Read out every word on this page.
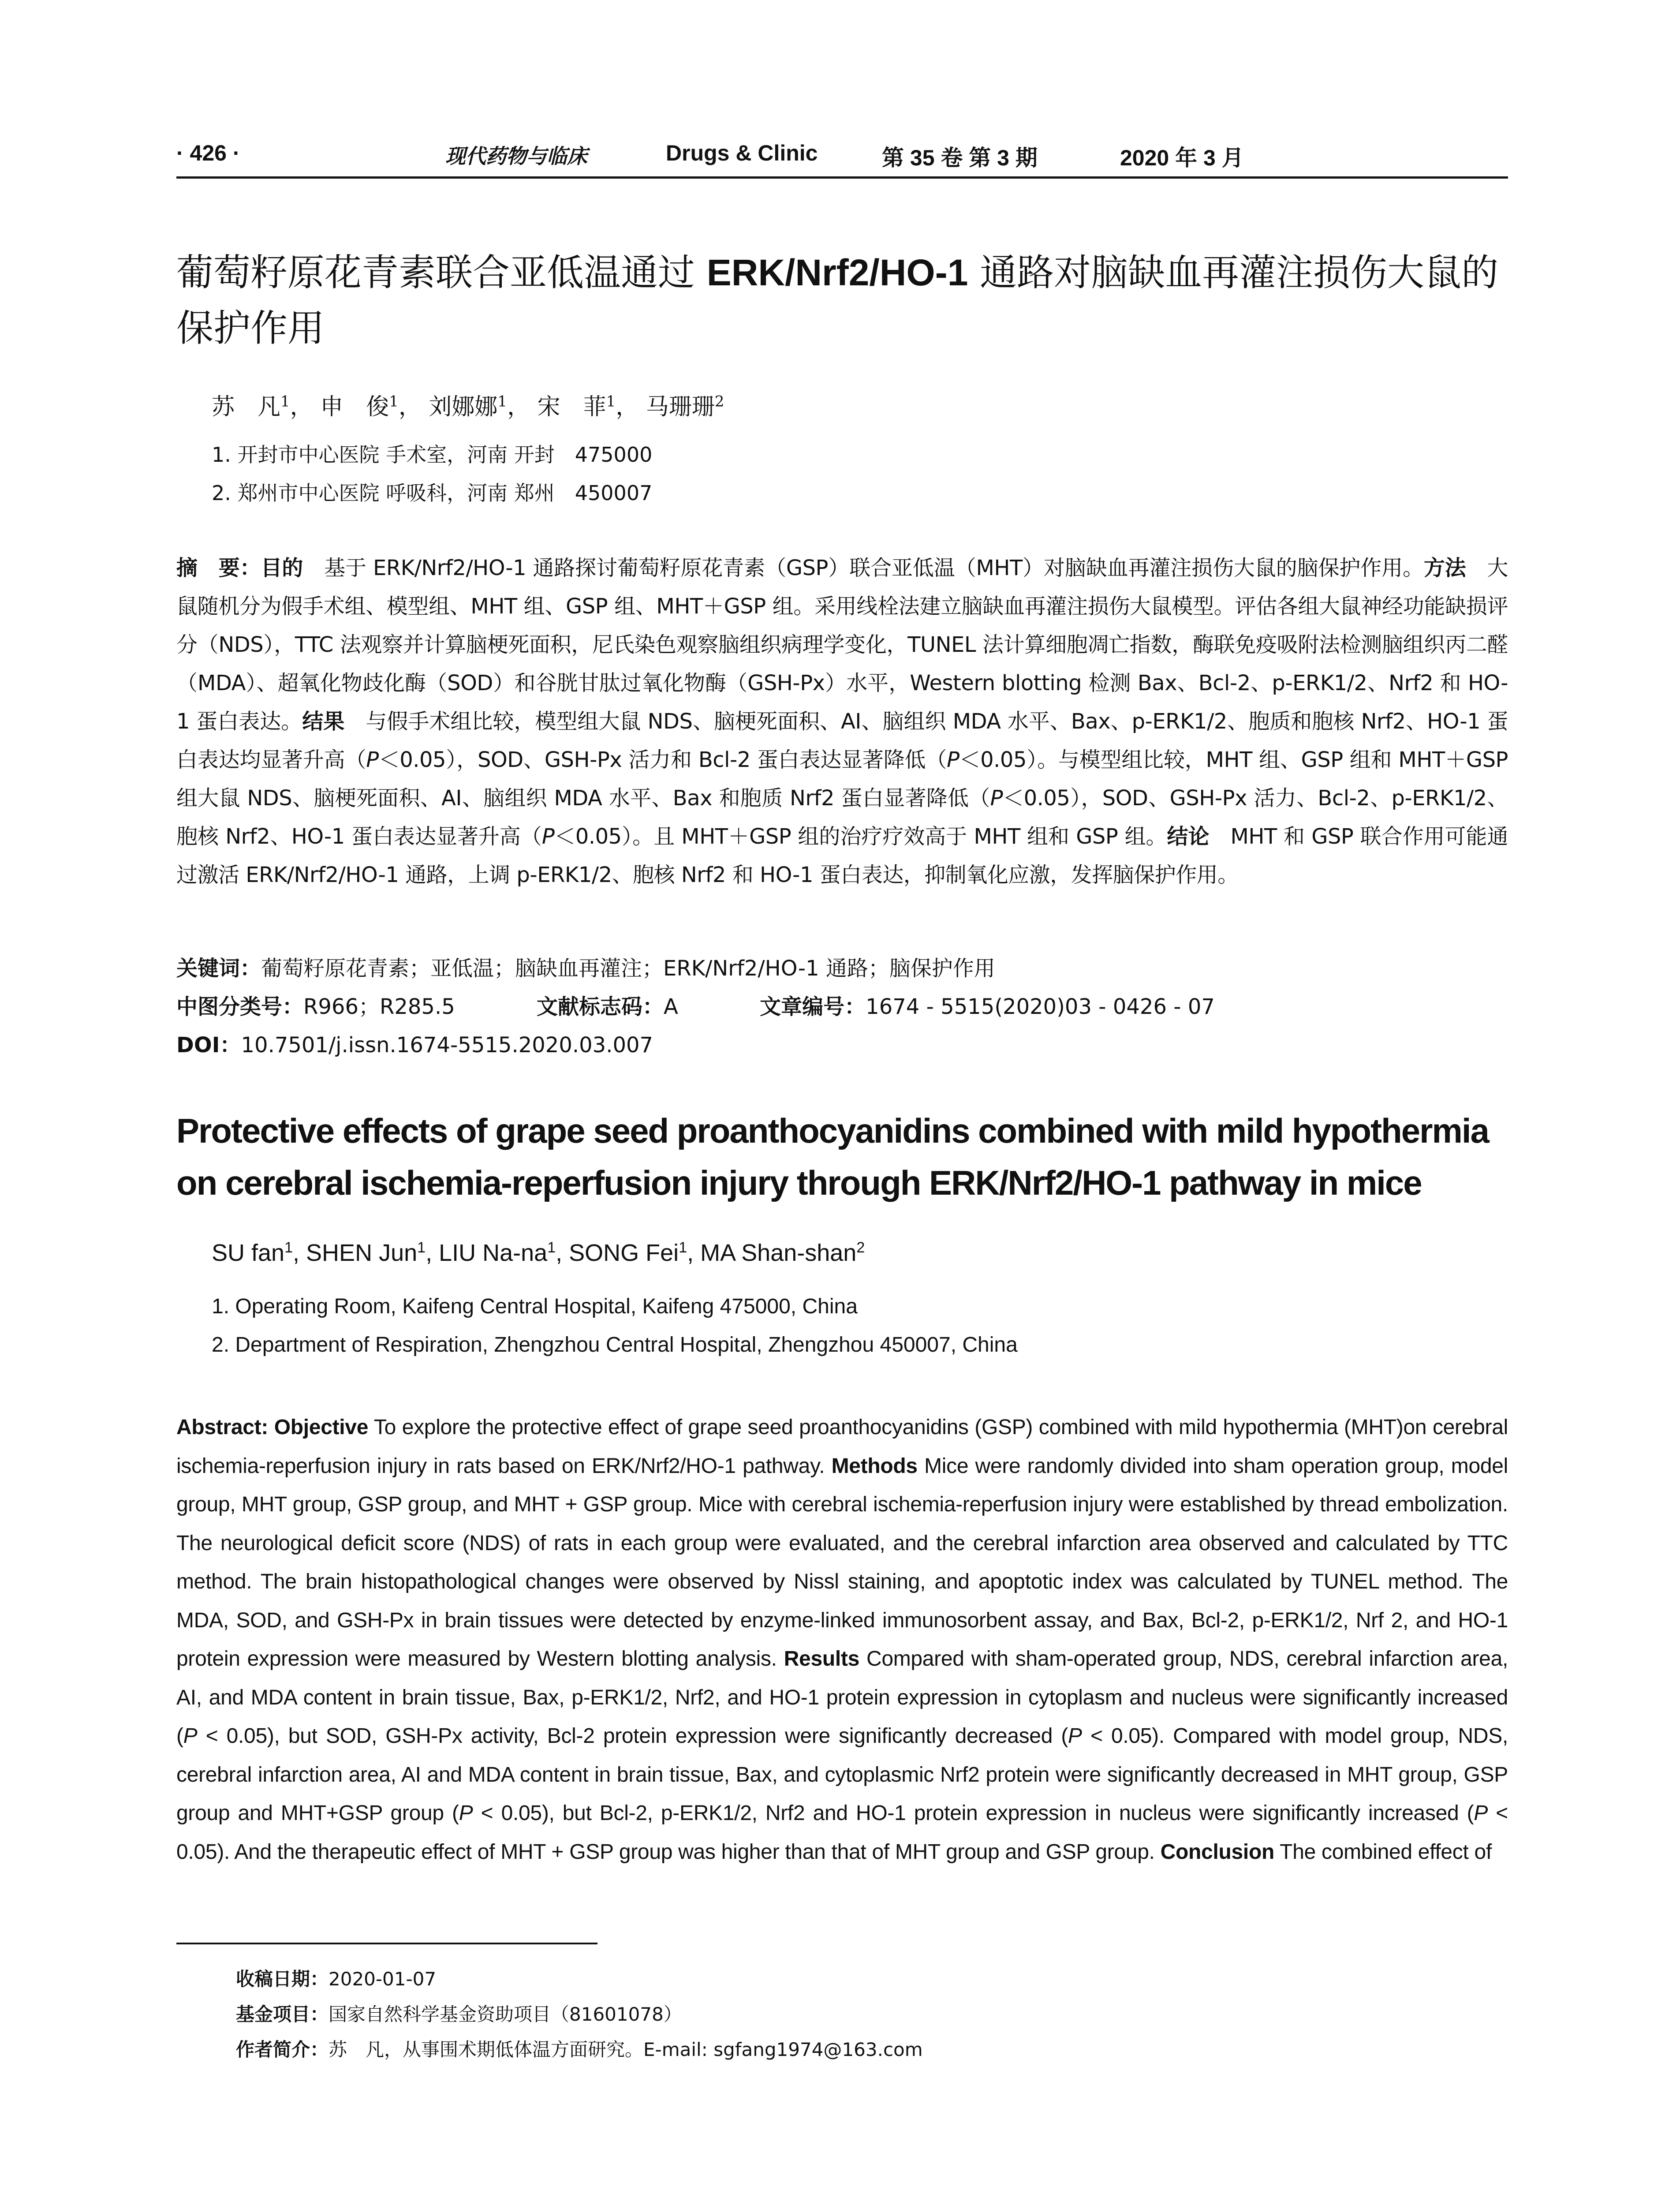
· 426 ·	现代药物与临床	Drugs & Clinic	第 35 卷 第 3 期	2020 年 3 月
葡萄籽原花青素联合亚低温通过 ERK/Nrf2/HO-1 通路对脑缺血再灌注损伤大鼠的保护作用
苏　凡$^1$， 申　俊$^1$， 刘娜娜$^1$， 宋　菲$^1$， 马珊珊$^2$
1. 开封市中心医院 手术室，河南 开封　475000
2. 郑州市中心医院 呼吸科，河南 郑州　450007
摘　要：目的　基于 ERK/Nrf2/HO-1 通路探讨葡萄籽原花青素（GSP）联合亚低温（MHT）对脑缺血再灌注损伤大鼠的脑保护作用。方法　大鼠随机分为假手术组、模型组、MHT 组、GSP 组、MHT＋GSP 组。采用线栓法建立脑缺血再灌注损伤大鼠模型。评估各组大鼠神经功能缺损评分（NDS），TTC 法观察并计算脑梗死面积，尼氏染色观察脑组织病理学变化，TUNEL 法计算细胞凋亡指数，酶联免疫吸附法检测脑组织丙二醛（MDA）、超氧化物歧化酶（SOD）和谷胱甘肽过氧化物酶（GSH-Px）水平，Western blotting 检测 Bax、Bcl-2、p-ERK1/2、Nrf2 和 HO-1 蛋白表达。结果　与假手术组比较，模型组大鼠 NDS、脑梗死面积、AI、脑组织 MDA 水平、Bax、p-ERK1/2、胞质和胞核 Nrf2、HO-1 蛋白表达均显著升高（P＜0.05），SOD、GSH-Px 活力和 Bcl-2 蛋白表达显著降低（P＜0.05）。与模型组比较，MHT 组、GSP 组和 MHT＋GSP 组大鼠 NDS、脑梗死面积、AI、脑组织 MDA 水平、Bax 和胞质 Nrf2 蛋白显著降低（P＜0.05），SOD、GSH-Px 活力、Bcl-2、p-ERK1/2、胞核 Nrf2、HO-1 蛋白表达显著升高（P＜0.05）。且 MHT＋GSP 组的治疗疗效高于 MHT 组和 GSP 组。结论　MHT 和 GSP 联合作用可能通过激活 ERK/Nrf2/HO-1 通路，上调 p-ERK1/2、胞核 Nrf2 和 HO-1 蛋白表达，抑制氧化应激，发挥脑保护作用。
关键词：葡萄籽原花青素；亚低温；脑缺血再灌注；ERK/Nrf2/HO-1 通路；脑保护作用
中图分类号：R966；R285.5	文献标志码：A	文章编号：1674 - 5515(2020)03 - 0426 - 07
DOI：10.7501/j.issn.1674-5515.2020.03.007
Protective effects of grape seed proanthocyanidins combined with mild hypothermia
on cerebral ischemia-reperfusion injury through ERK/Nrf2/HO-1 pathway in mice
SU fan$^1$, SHEN Jun$^1$, LIU $Na-na^1$, SONG Fei$^1$, MA Shan-shan$^2$
1. Operating Room, Kaifeng Central Hospital, Kaifeng 475000, China
2. Department of Respiration, Zhengzhou Central Hospital, Zhengzhou 450007, China
Abstract: Objective To explore the protective effect of grape seed proanthocyanidins (GSP) combined with mild hypothermia (MHT)on cerebral ischemia-reperfusion injury in rats based on ERK/Nrf2/HO-1 pathway. Methods Mice were randomly divided into sham operation group, model group, MHT group, GSP group, and MHT + GSP group. Mice with cerebral ischemia-reperfusion injury were established by thread embolization. The neurological deficit score (NDS) of rats in each group were evaluated, and the cerebral infarction area observed and calculated by TTC method. The brain histopathological changes were observed by Nissl staining, and apoptotic index was calculated by TUNEL method. The MDA, SOD, and GSH-Px in brain tissues were detected by enzyme-linked immunosorbent assay, and Bax, Bcl-2, p-ERK1/2, Nrf 2, and HO-1 protein expression were measured by Western blotting analysis. Results Compared with sham-operated group, NDS, cerebral infarction area, AI, and MDA content in brain tissue, Bax, p-ERK1/2, Nrf2, and HO-1 protein expression in cytoplasm and nucleus were significantly increased (P < 0.05), but SOD, GSH-Px activity, Bcl-2 protein expression were significantly decreased (P < 0.05). Compared with model group, NDS, cerebral infarction area, AI and MDA content in brain tissue, Bax, and cytoplasmic Nrf2 protein were significantly decreased in MHT group, GSP group and MHT+GSP group (P < 0.05), but Bcl-2, p-ERK1/2, Nrf2 and HO-1 protein expression in nucleus were significantly increased (P < 0.05). And the therapeutic effect of MHT + GSP group was higher than that of MHT group and GSP group. Conclusion The combined effect of
收稿日期：2020-01-07
基金项目：国家自然科学基金资助项目（81601078）
作者简介：苏　凡，从事围术期低体温方面研究。E-mail: sgfang1974@163.com
